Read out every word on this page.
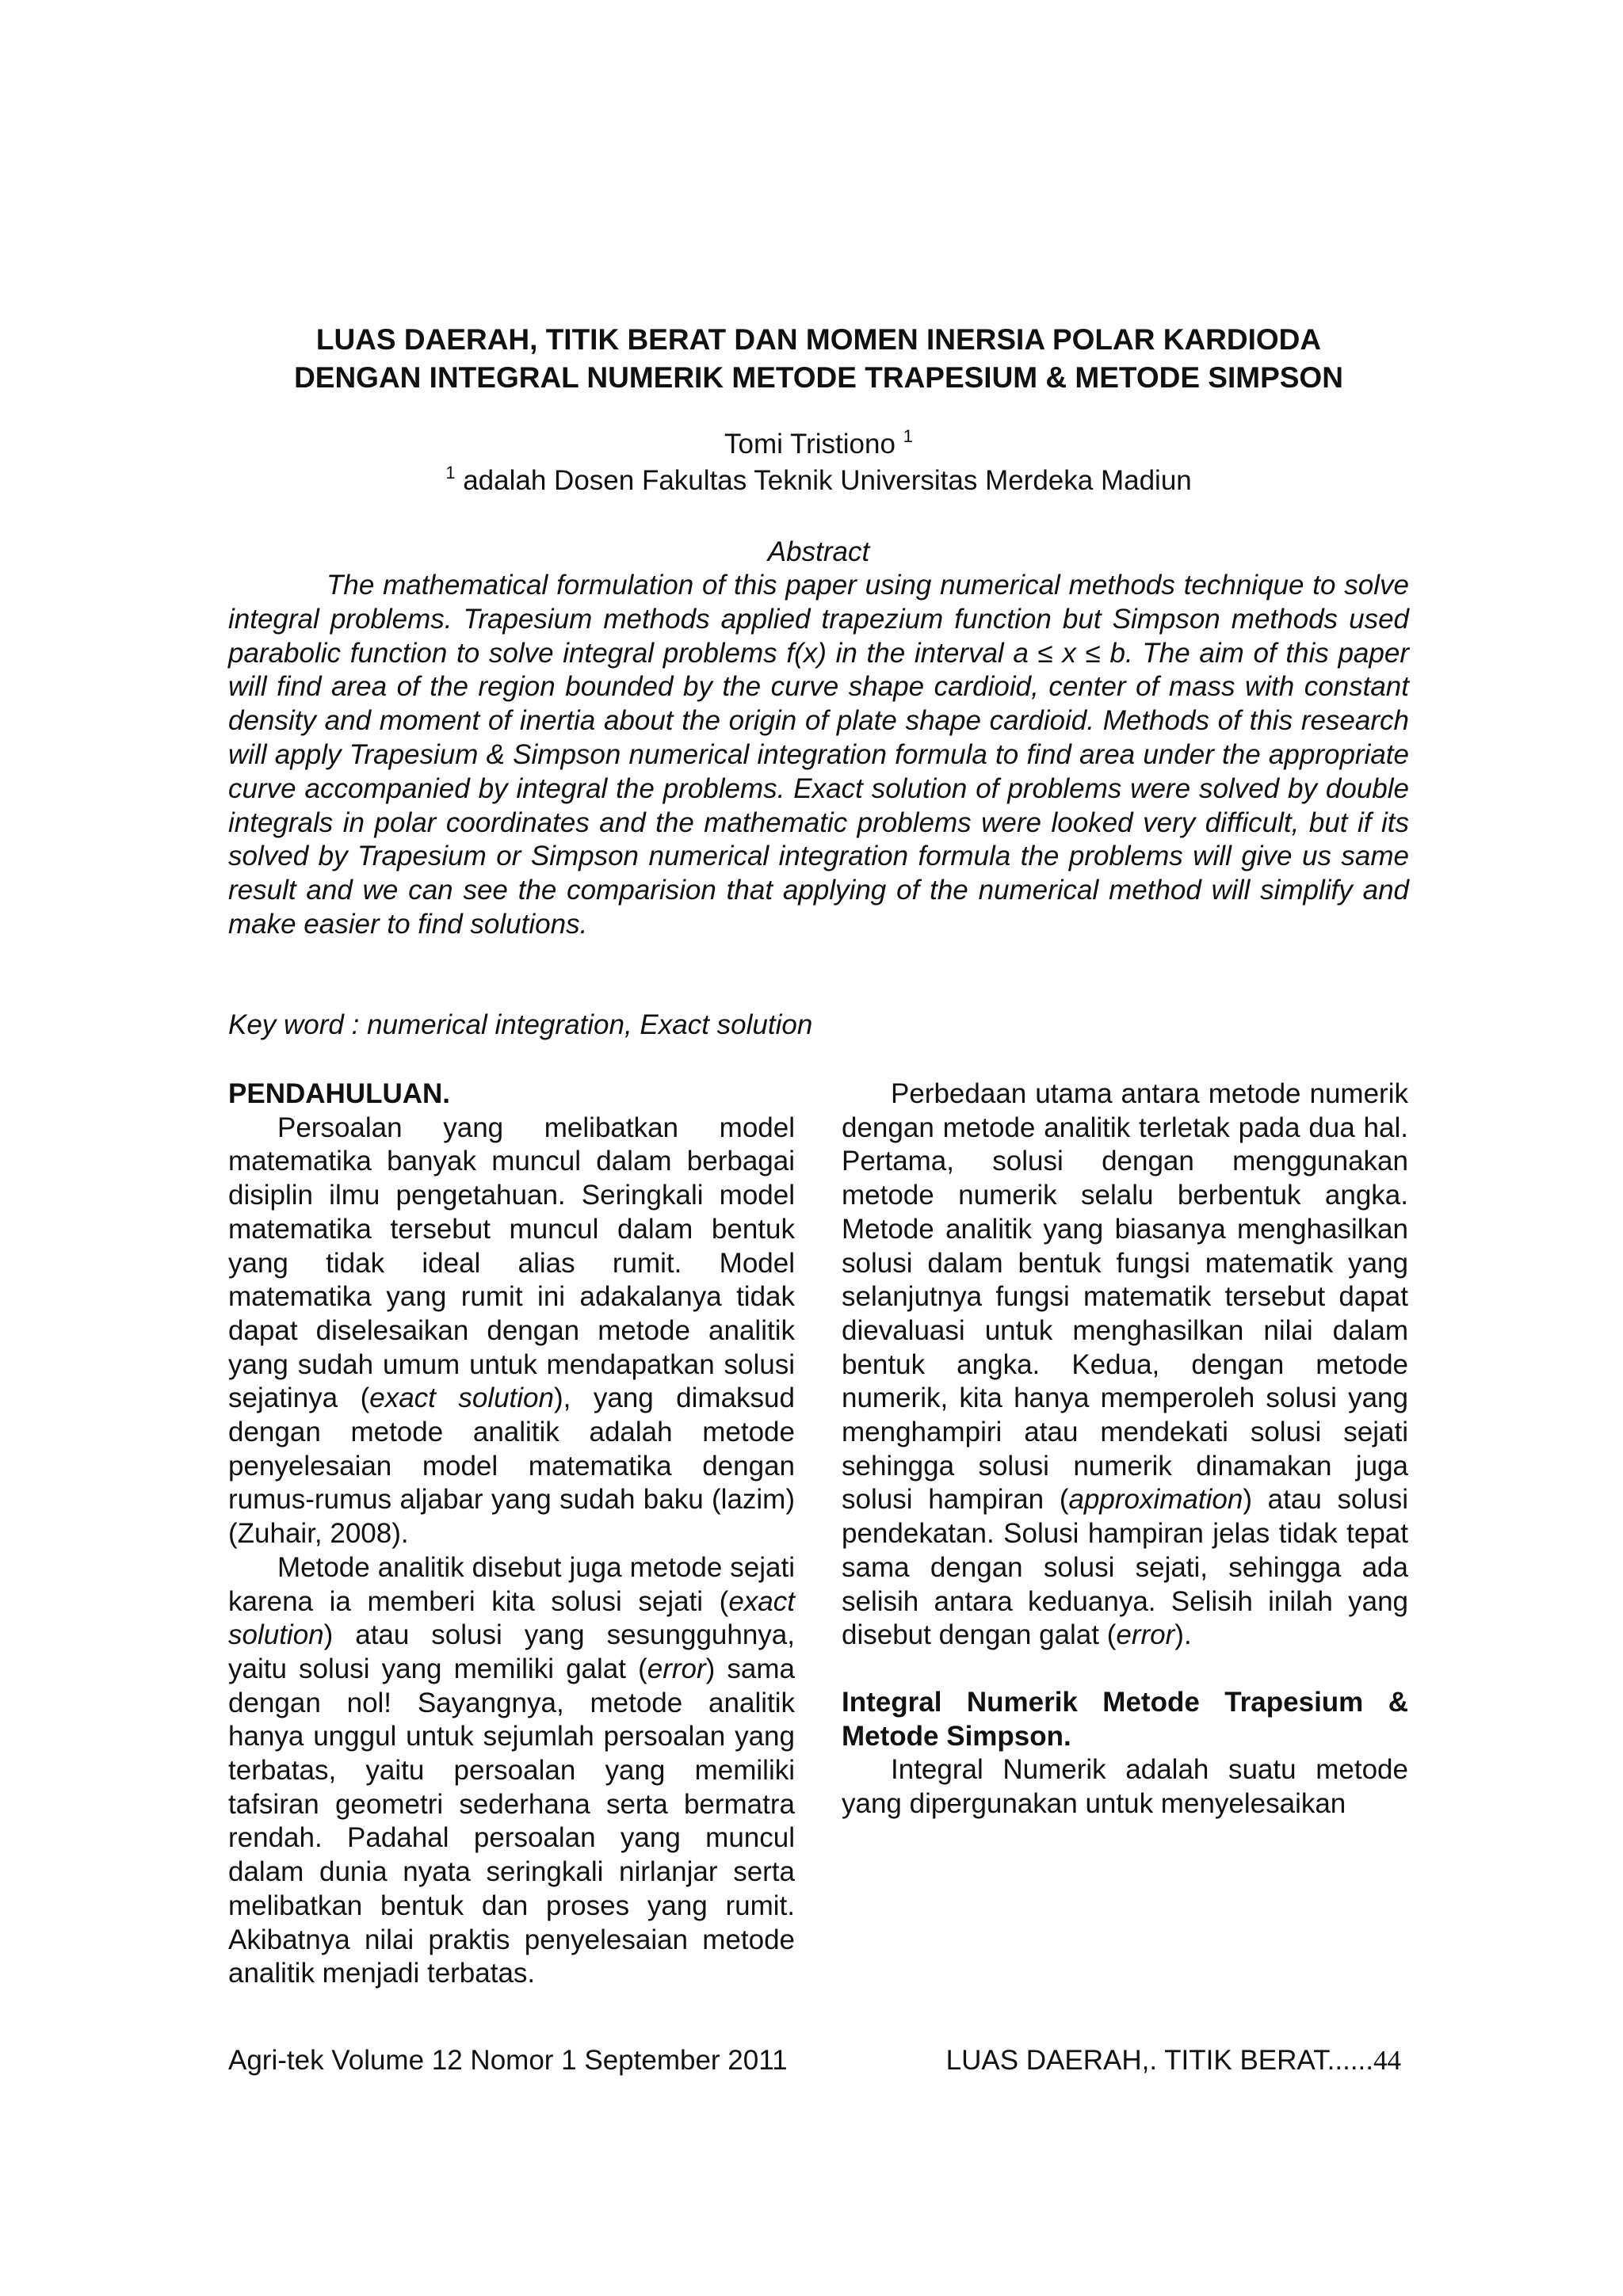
LUAS DAERAH, TITIK BERAT DAN MOMEN INERSIA POLAR KARDIODA
DENGAN INTEGRAL NUMERIK METODE TRAPESIUM & METODE SIMPSON
Tomi Tristiono $^1$
$^1$ adalah Dosen Fakultas Teknik Universitas Merdeka Madiun
Abstract

The mathematical formulation of this paper using numerical methods technique to solve integral problems. Trapesium methods applied trapezium function but Simpson methods used parabolic function to solve integral problems f(x) in the interval a ≤ x ≤ b. The aim of this paper will find area of the region bounded by the curve shape cardioid, center of mass with constant density and moment of inertia about the origin of plate shape cardioid. Methods of this research will apply Trapesium & Simpson numerical integration formula to find area under the appropriate curve accompanied by integral the problems. Exact solution of problems were solved by double integrals in polar coordinates and the mathematic problems were looked very difficult, but if its solved by Trapesium or Simpson numerical integration formula the problems will give us same result and we can see the comparision that applying of the numerical method will simplify and make easier to find solutions.

Key word : numerical integration, Exact solution
PENDAHULUAN.

Persoalan yang melibatkan model matematika banyak muncul dalam berbagai disiplin ilmu pengetahuan. Seringkali model matematika tersebut muncul dalam bentuk yang tidak ideal alias rumit. Model matematika yang rumit ini adakalanya tidak dapat diselesaikan dengan metode analitik yang sudah umum untuk mendapatkan solusi sejatinya (exact solution), yang dimaksud dengan metode analitik adalah metode penyelesaian model matematika dengan rumus-rumus aljabar yang sudah baku (lazim) (Zuhair, 2008).

Metode analitik disebut juga metode sejati karena ia memberi kita solusi sejati (exact solution) atau solusi yang sesungguhnya, yaitu solusi yang memiliki galat (error) sama dengan nol! Sayangnya, metode analitik hanya unggul untuk sejumlah persoalan yang terbatas, yaitu persoalan yang memiliki tafsiran geometri sederhana serta bermatra rendah. Padahal persoalan yang muncul dalam dunia nyata seringkali nirlanjar serta melibatkan bentuk dan proses yang rumit. Akibatnya nilai praktis penyelesaian metode analitik menjadi terbatas.

Perbedaan utama antara metode numerik dengan metode analitik terletak pada dua hal. Pertama, solusi dengan menggunakan metode numerik selalu berbentuk angka. Metode analitik yang biasanya menghasilkan solusi dalam bentuk fungsi matematik yang selanjutnya fungsi matematik tersebut dapat dievaluasi untuk menghasilkan nilai dalam bentuk angka. Kedua, dengan metode numerik, kita hanya memperoleh solusi yang menghampiri atau mendekati solusi sejati sehingga solusi numerik dinamakan juga solusi hampiran (approximation) atau solusi pendekatan. Solusi hampiran jelas tidak tepat sama dengan solusi sejati, sehingga ada selisih antara keduanya. Selisih inilah yang disebut dengan galat (error).

Integral Numerik Metode Trapesium & Metode Simpson.

Integral Numerik adalah suatu metode yang dipergunakan untuk menyelesaikan

Agri-tek Volume 12 Nomor 1 September 2011	LUAS DAERAH,. TITIK BERAT......44
